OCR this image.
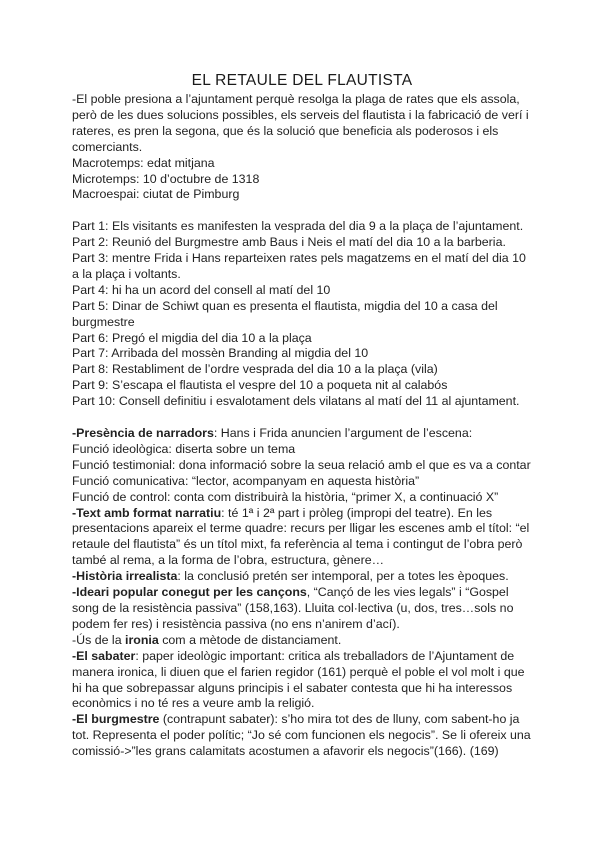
EL RETAULE DEL FLAUTISTA

-El poble presiona a l’ajuntament perquè resolga la plaga de rates que els assola, però de les dues solucions possibles, els serveis del flautista i la fabricació de verí i rateres, es pren la segona, que és la solució que beneficia als poderosos i els comerciants.

Macrotemps: edat mitjana

Microtemps: 10 d’octubre de 1318

Macroespai: ciutat de Pimburg

Part 1: Els visitants es manifesten la vesprada del dia 9 a la plaça de l’ajuntament.

Part 2: Reunió del Burgmestre amb Baus i Neis el matí del dia 10 a la barberia.

Part 3: mentre Frida i Hans reparteixen rates pels magatzems en el matí del dia 10 a la plaça i voltants.

Part 4: hi ha un acord del consell al matí del 10

Part 5: Dinar de Schiwt quan es presenta el flautista, migdia del 10 a casa del burgmestre

Part 6: Pregó el migdia del dia 10 a la plaça

Part 7: Arribada del mossèn Branding al migdia del 10

Part 8: Restabliment de l’ordre vesprada del dia 10 a la plaça (vila)

Part 9: S’escapa el flautista el vespre del 10 a poqueta nit al calabós

Part 10: Consell definitiu i esvalotament dels vilatans al matí del 11 al ajuntament.

-Presència de narradors: Hans i Frida anuncien l’argument de l’escena:

Funció ideològica: diserta sobre un tema

Funció testimonial: dona informació sobre la seua relació amb el que es va a contar

Funció comunicativa: “lector, acompanyam en aquesta història”

Funció de control: conta com distribuirà la història, “primer X, a continuació X”

-Text amb format narratiu: té 1ª i 2ª part i pròleg (impropi del teatre). En les presentacions apareix el terme quadre: recurs per lligar les escenes amb el títol: “el retaule del flautista” és un títol mixt, fa referència al tema i contingut de l’obra però també al rema, a la forma de l’obra, estructura, gènere…

-Història irrealista: la conclusió pretén ser intemporal, per a totes les èpoques.

-Ideari popular conegut per les cançons, “Cançó de les vies legals” i “Gospel song de la resistència passiva” (158,163). Lluita col·lectiva (u, dos, tres…sols no podem fer res) i resistència passiva (no ens n’anirem d’ací).

-Ús de la ironia com a mètode de distanciament.

-El sabater: paper ideològic important: critica als treballadors de l’Ajuntament de manera ironica, li diuen que el farien regidor (161) perquè el poble el vol molt i que hi ha que sobrepassar alguns principis i el sabater contesta que hi ha interessos econòmics i no té res a veure amb la religió.

-El burgmestre (contrapunt sabater): s’ho mira tot des de lluny, com sabent-ho ja tot. Representa el poder polític; “Jo sé com funcionen els negocis”. Se li ofereix una comissió->”les grans calamitats acostumen a afavorir els negocis”(166). (169)
